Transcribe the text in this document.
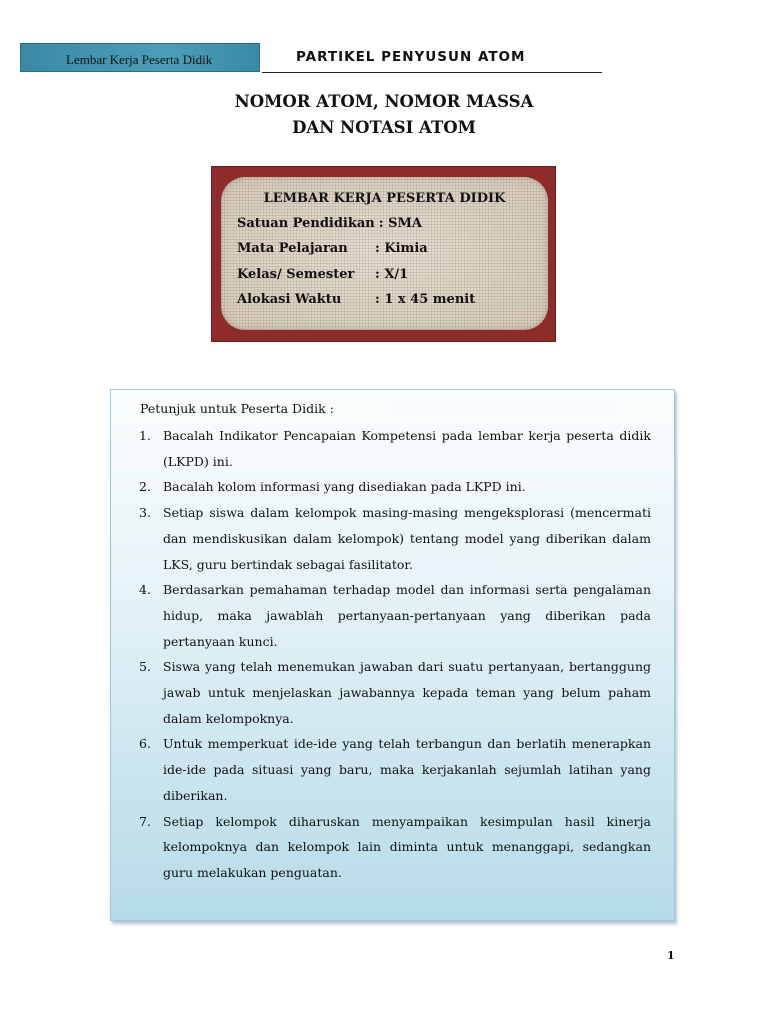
Lembar Kerja Peserta Didik	PARTIKEL PENYUSUN ATOM
NOMOR ATOM, NOMOR MASSA
DAN NOTASI ATOM
LEMBAR KERJA PESERTA DIDIK
Satuan Pendidikan : SMA
Mata Pelajaran : Kimia
Kelas/ Semester : X/1
Alokasi Waktu	: 1 x 45 menit
Petunjuk untuk Peserta Didik :
1. Bacalah Indikator Pencapaian Kompetensi pada lembar kerja peserta didik (LKPD) ini.
2. Bacalah kolom informasi yang disediakan pada LKPD ini.
3. Setiap siswa dalam kelompok masing-masing mengeksplorasi (mencermati dan mendiskusikan dalam kelompok) tentang model yang diberikan dalam LKS, guru bertindak sebagai fasilitator.
4. Berdasarkan pemahaman terhadap model dan informasi serta pengalaman hidup, maka jawablah pertanyaan-pertanyaan yang diberikan pada pertanyaan kunci.
5. Siswa yang telah menemukan jawaban dari suatu pertanyaan, bertanggung jawab untuk menjelaskan jawabannya kepada teman yang belum paham dalam kelompoknya.
6. Untuk memperkuat ide-ide yang telah terbangun dan berlatih menerapkan ide-ide pada situasi yang baru, maka kerjakanlah sejumlah latihan yang diberikan.
7. Setiap kelompok diharuskan menyampaikan kesimpulan hasil kinerja kelompoknya dan kelompok lain diminta untuk menanggapi, sedangkan guru melakukan penguatan.
1
